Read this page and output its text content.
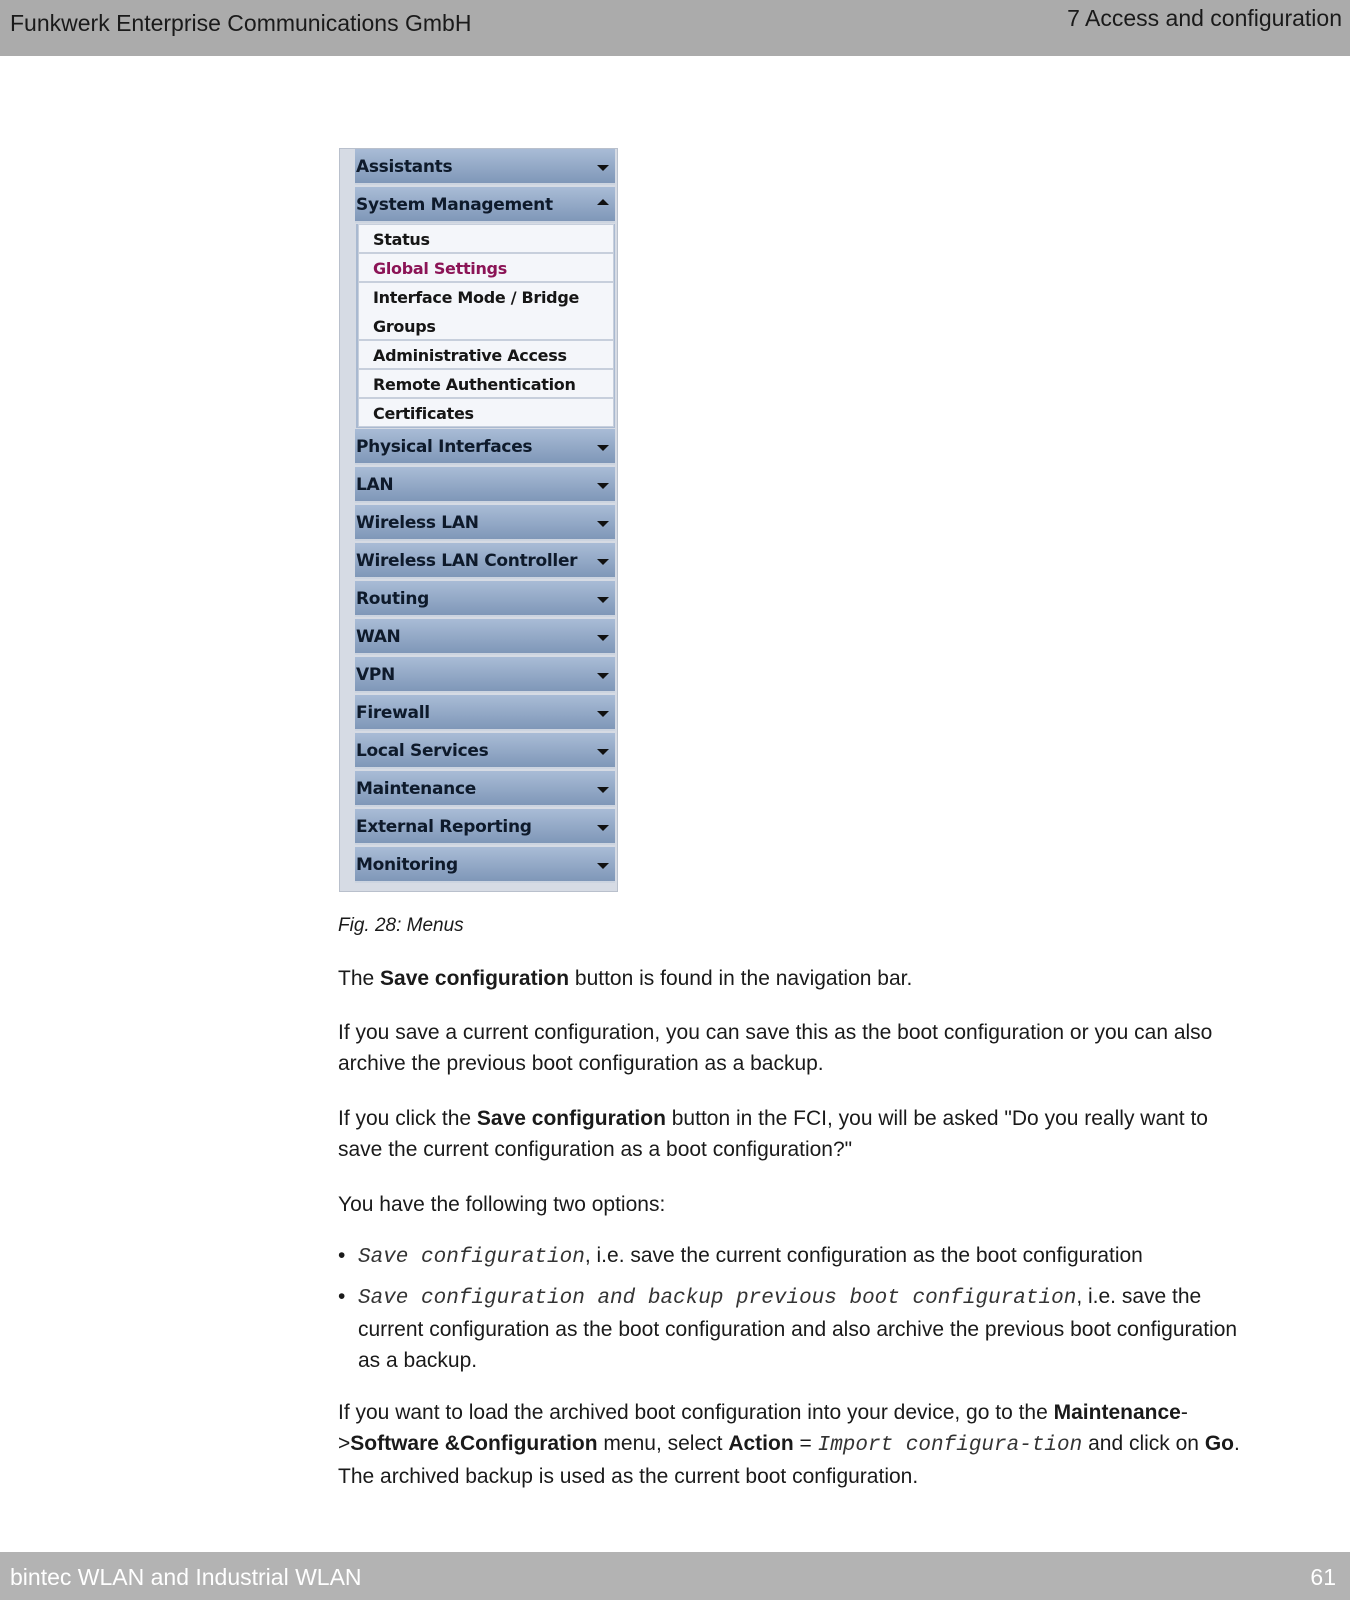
Funkwerk Enterprise Communications GmbH	7 Access and configuration
Assistants
System Management
Status
Global Settings
Interface Mode / Bridge Groups
Administrative Access
Remote Authentication
Certificates
Physical Interfaces
LAN
Wireless LAN
Wireless LAN Controller
Routing
WAN
VPN
Firewall
Local Services
Maintenance
External Reporting
Monitoring
Fig. 28: Menus
The Save configuration button is found in the navigation bar.
If you save a current configuration, you can save this as the boot configuration or you can also archive the previous boot configuration as a backup.
If you click the Save configuration button in the FCI, you will be asked "Do you really want to save the current configuration as a boot configuration?"
You have the following two options:
• Save configuration, i.e. save the current configuration as the boot configuration
• Save configuration and backup previous boot configuration, i.e. save the current configuration as the boot configuration and also archive the previous boot configuration as a backup.
If you want to load the archived boot configuration into your device, go to the Maintenance->Software &Configuration menu, select Action = Import configura-tion and click on Go. The archived backup is used as the current boot configuration.
bintec WLAN and Industrial WLAN	61
